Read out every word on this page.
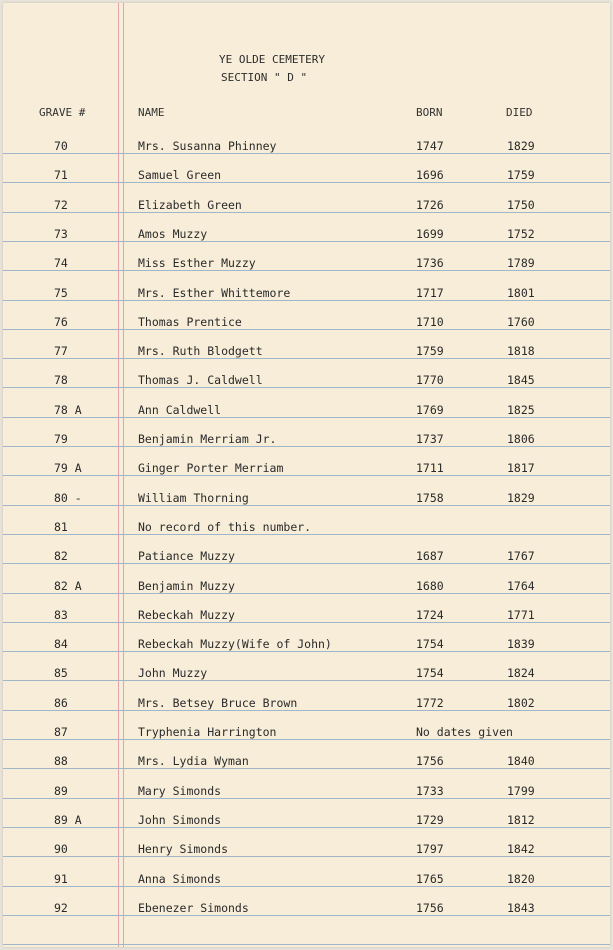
YE OLDE CEMETERY
SECTION " D "
GRAVE #	NAME	BORN	DIED
70	Mrs. Susanna Phinney	1747	1829
71	Samuel Green	1696	1759
72	Elizabeth Green	1726	1750
73	Amos Muzzy	1699	1752
74	Miss Esther Muzzy	1736	1789
75	Mrs. Esther Whittemore	1717	1801
76	Thomas Prentice	1710	1760
77	Mrs. Ruth Blodgett	1759	1818
78	Thomas J. Caldwell	1770	1845
78 A	Ann Caldwell	1769	1825
79	Benjamin Merriam Jr.	1737	1806
79 A	Ginger Porter Merriam	1711	1817
80 -	William Thorning	1758	1829
81	No record of this number.
82	Patiance Muzzy	1687	1767
82 A	Benjamin Muzzy	1680	1764
83	Rebeckah Muzzy	1724	1771
84	Rebeckah Muzzy(Wife of John)	1754	1839
85	John Muzzy	1754	1824
86	Mrs. Betsey Bruce Brown	1772	1802
87	Tryphenia Harrington	No dates given
88	Mrs. Lydia Wyman	1756	1840
89	Mary Simonds	1733	1799
89 A	John Simonds	1729	1812
90	Henry Simonds	1797	1842
91	Anna Simonds	1765	1820
92	Ebenezer Simonds	1756	1843
